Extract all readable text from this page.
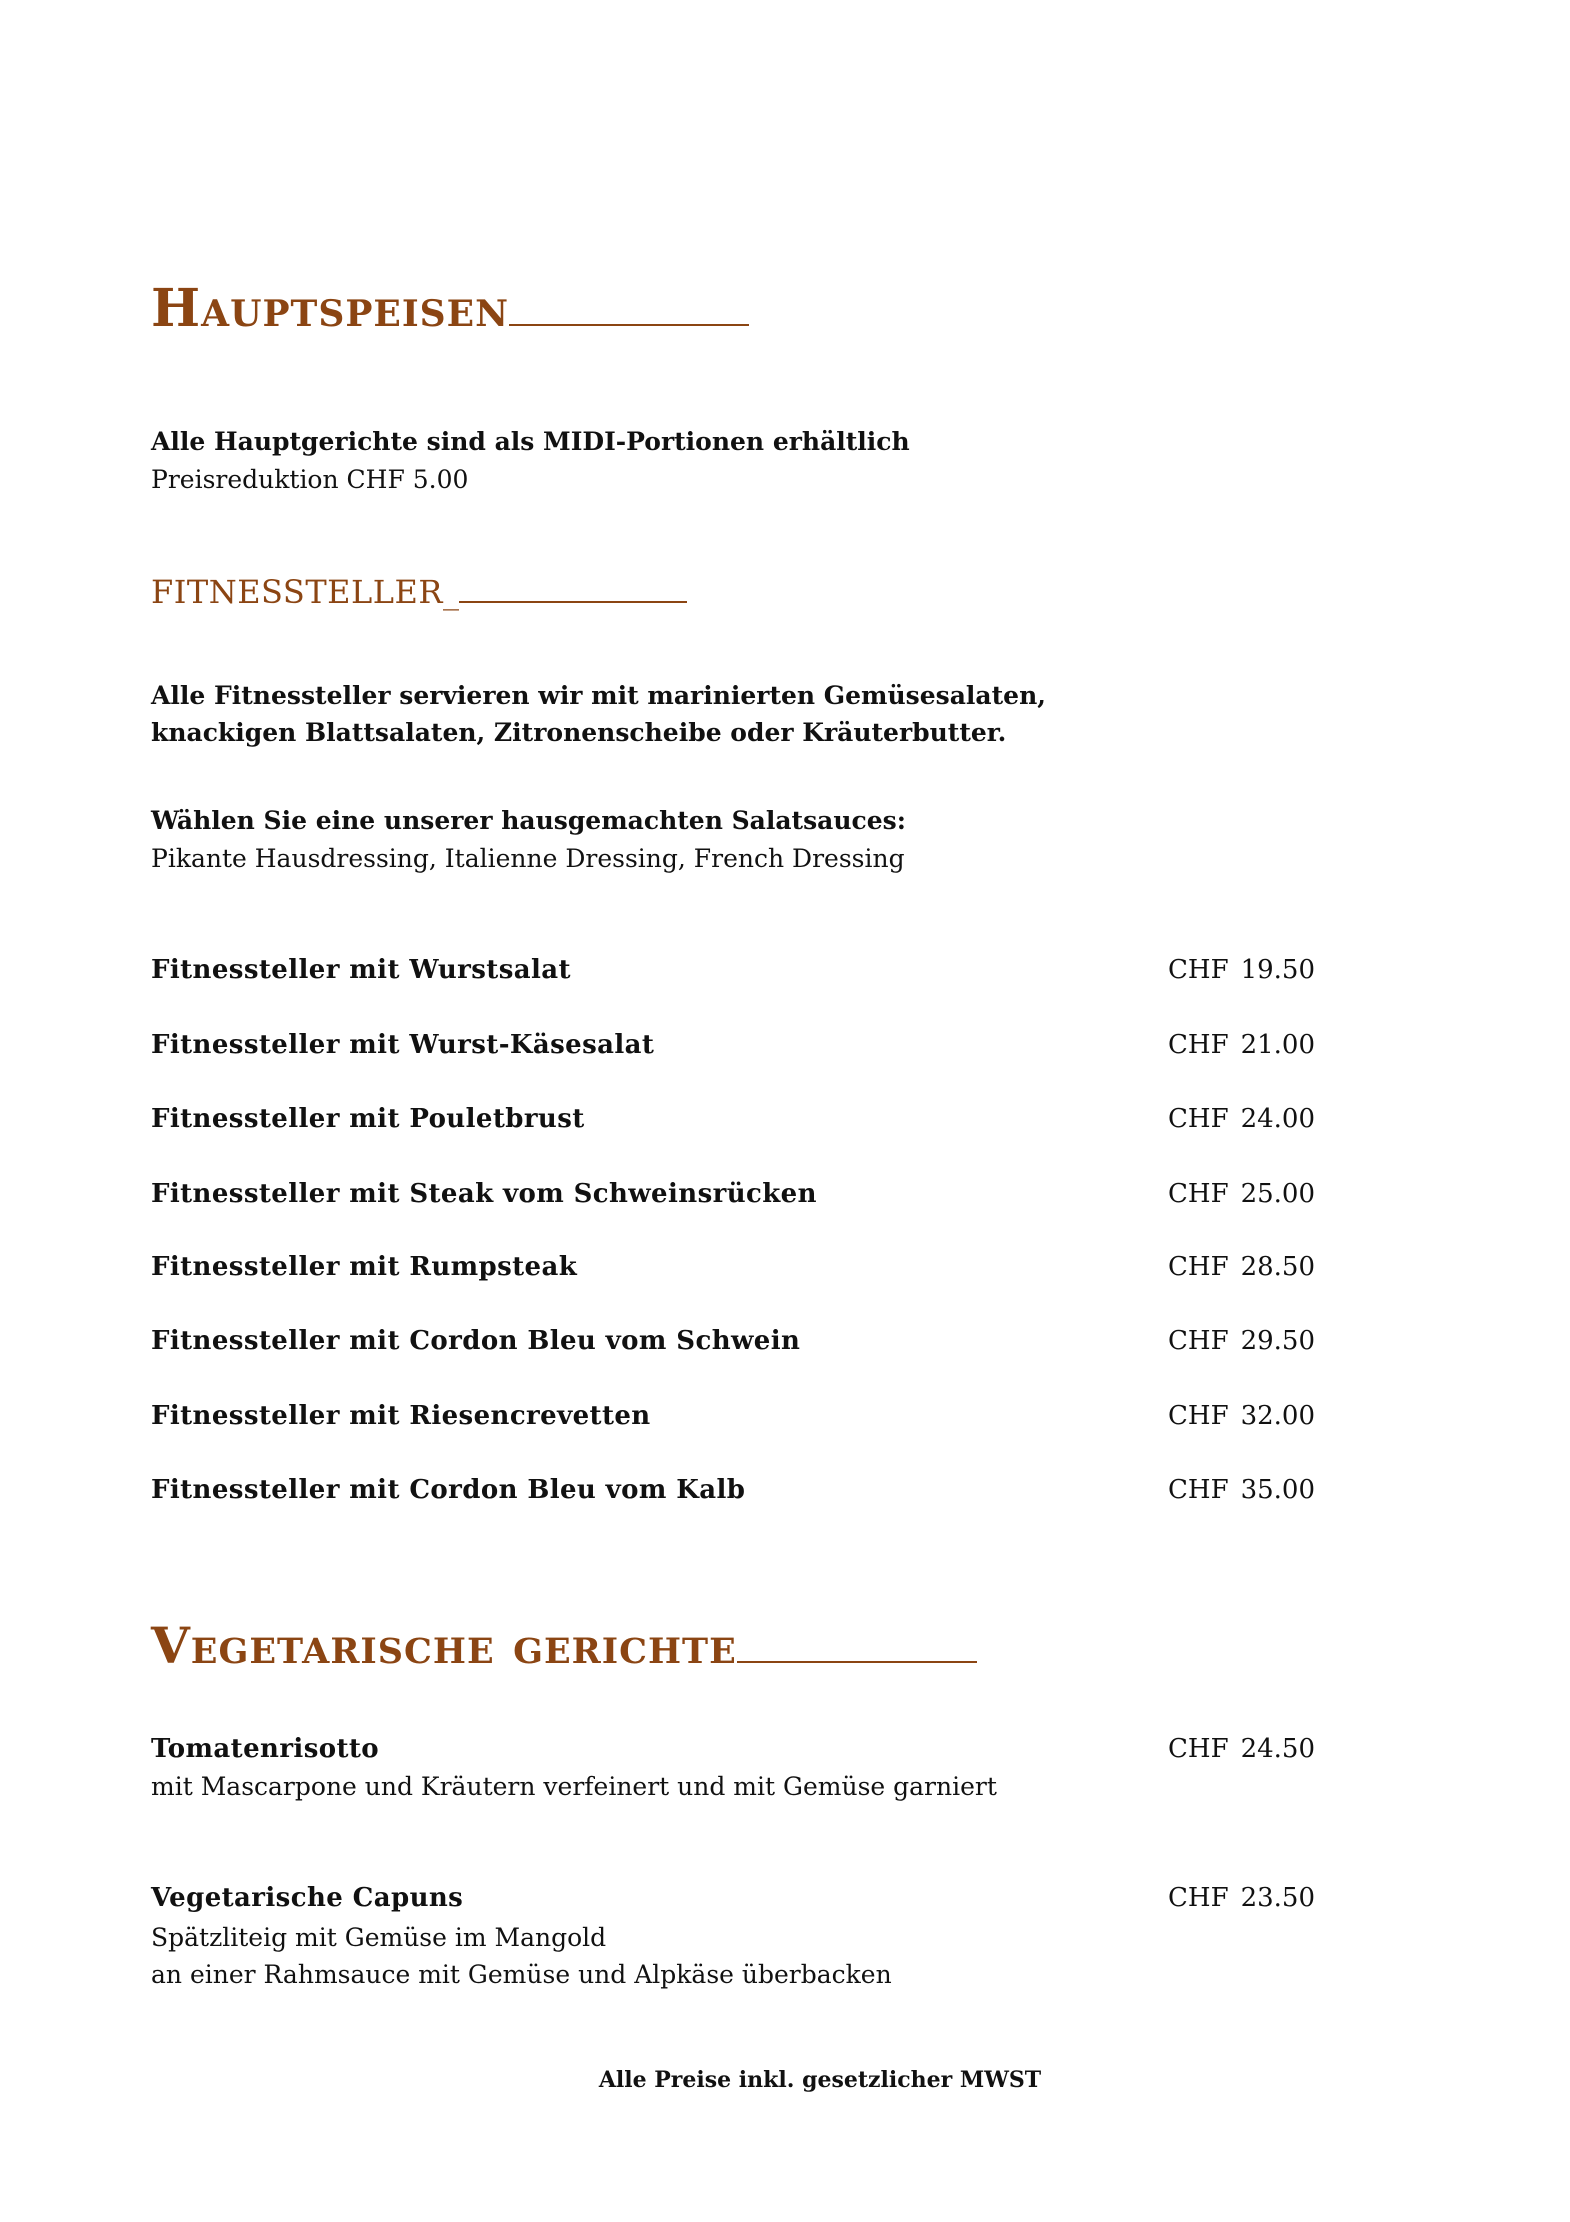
Hauptspeisen
Alle Hauptgerichte sind als MIDI-Portionen erhältlich
Preisreduktion CHF 5.00
FITNESSTELLER_
Alle Fitnessteller servieren wir mit marinierten Gemüsesalaten,
knackigen Blattsalaten, Zitronenscheibe oder Kräuterbutter.
Wählen Sie eine unserer hausgemachten Salatsauces:
Pikante Hausdressing, Italienne Dressing, French Dressing
Fitnessteller mit Wurstsalat	CHF 19.50
Fitnessteller mit Wurst-Käsesalat	CHF 21.00
Fitnessteller mit Pouletbrust	CHF 24.00
Fitnessteller mit Steak vom Schweinsrücken	CHF 25.00
Fitnessteller mit Rumpsteak	CHF 28.50
Fitnessteller mit Cordon Bleu vom Schwein	CHF 29.50
Fitnessteller mit Riesencrevetten	CHF 32.00
Fitnessteller mit Cordon Bleu vom Kalb	CHF 35.00
Vegetarische gerichte
Tomatenrisotto	CHF 24.50
mit Mascarpone und Kräutern verfeinert und mit Gemüse garniert
Vegetarische Capuns	CHF 23.50
Spätzliteig mit Gemüse im Mangold
an einer Rahmsauce mit Gemüse und Alpkäse überbacken
Alle Preise inkl. gesetzlicher MWST
